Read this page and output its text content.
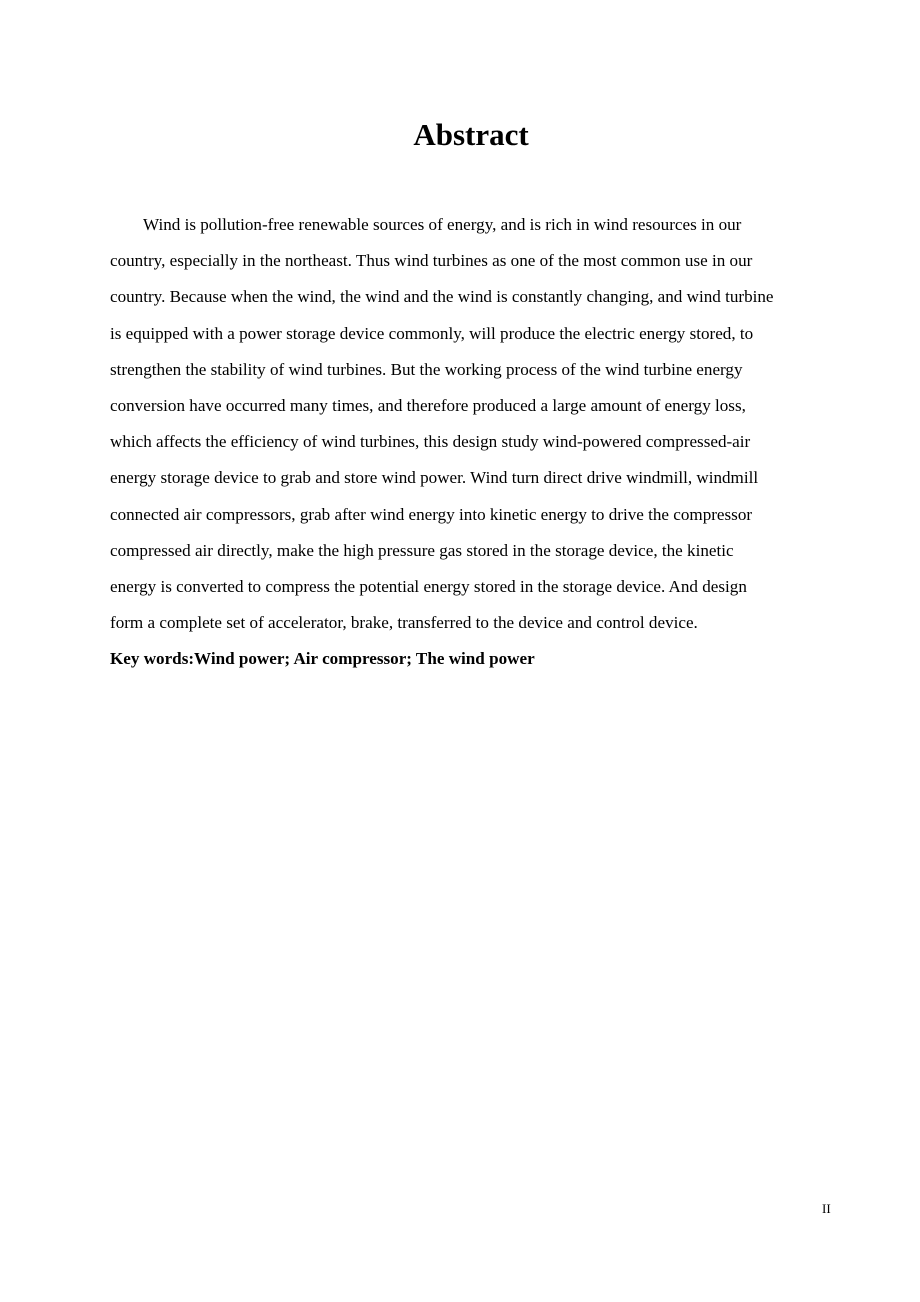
Abstract

Wind is pollution-free renewable sources of energy, and is rich in wind resources in our
country, especially in the northeast. Thus wind turbines as one of the most common use in our
country. Because when the wind, the wind and the wind is constantly changing, and wind turbine
is equipped with a power storage device commonly, will produce the electric energy stored, to
strengthen the stability of wind turbines. But the working process of the wind turbine energy
conversion have occurred many times, and therefore produced a large amount of energy loss,
which affects the efficiency of wind turbines, this design study wind-powered compressed-air
energy storage device to grab and store wind power. Wind turn direct drive windmill, windmill
connected air compressors, grab after wind energy into kinetic energy to drive the compressor
compressed air directly, make the high pressure gas stored in the storage device, the kinetic
energy is converted to compress the potential energy stored in the storage device. And design
form a complete set of accelerator, brake, transferred to the device and control device.

Key words:Wind power; Air compressor; The wind power

II
